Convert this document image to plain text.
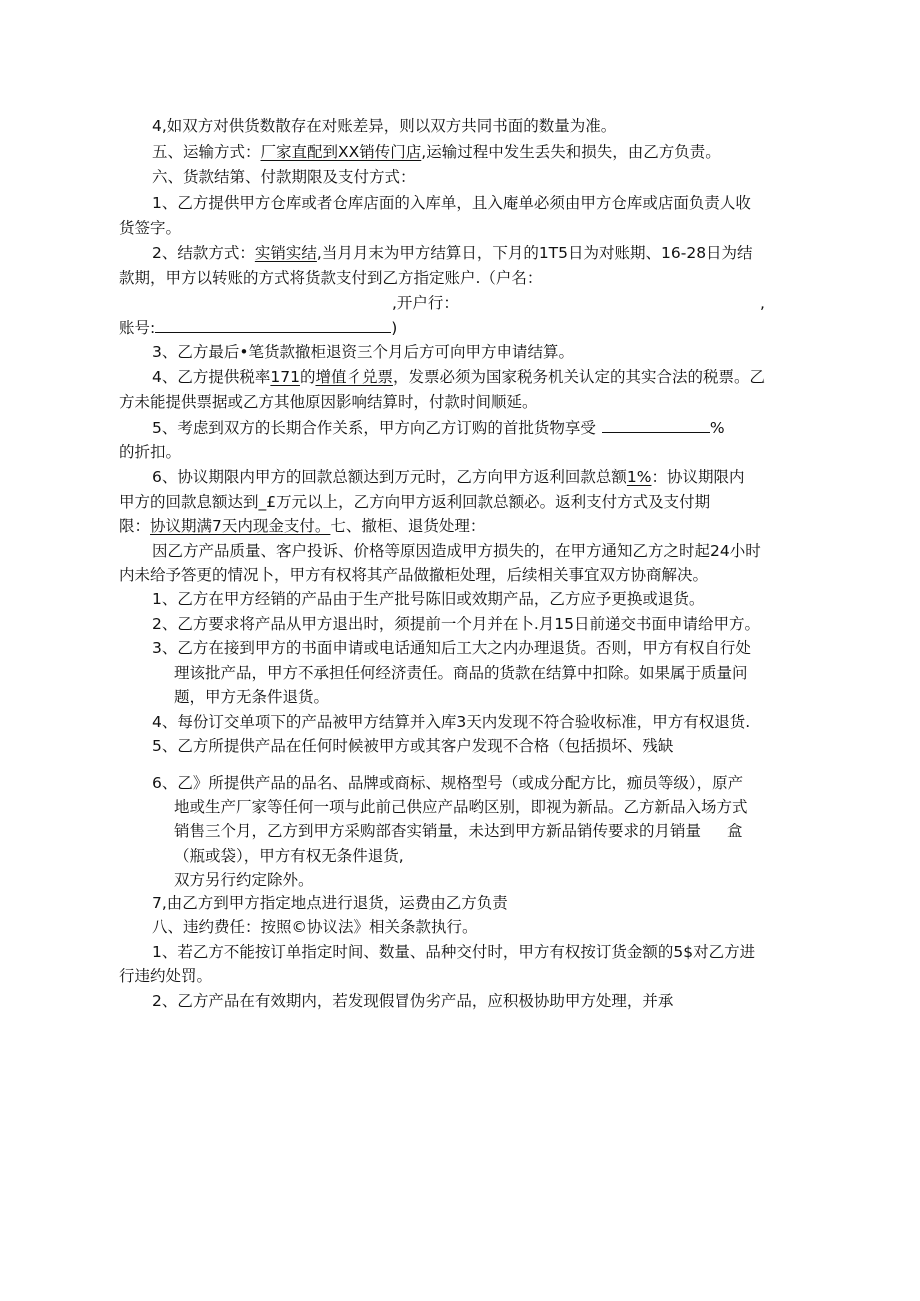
4,如双方对供货数散存在对账差异，则以双方共同书面的数量为准。
五、运输方式：厂家直配到XX销传门店,运输过程中发生丢失和损失，由乙方负责。
六、货款结第、付款期限及支付方式：
1、乙方提供甲方仓库或者仓库店面的入库单，且入庵单必须由甲方仓库或店面负责人收
货签字。
2、结款方式：实销实结,当月月末为甲方结算日，下月的1T5日为对账期、16-28日为结
款期，甲方以转账的方式将货款支付到乙方指定账户.（户名：
,开户行：	,
账号:	)
3、乙方最后•笔货款撤柜退资三个月后方可向甲方申请结算。
4、乙方提供税率171的增值彳兑票，发票必须为国家税务机关认定的其实合法的税票。乙
方未能提供票据或乙方其他原因影响结算时，付款时间顺延。
5、考虑到双方的长期合作关系，甲方向乙方订购的首批货物享受	%
的折扣。
6、协议期限内甲方的回款总额达到万元时，乙方向甲方返利回款总额1%：协议期限内
甲方的回款息额达到_£万元以上，乙方向甲方返利回款总额必。返利支付方式及支付期
限：协议期满7天内现金支付。七、撤柜、退货处理：
因乙方产品质量、客户投诉、价格等原因造成甲方损失的，在甲方通知乙方之时起24小时
内未给予答更的情况卜，甲方有权将其产品做撤柜处理，后续相关事宜双方协商解决。
1、乙方在甲方经销的产品由于生产批号陈旧或效期产品，乙方应予更换或退货。
2、乙方要求将产品从甲方退出时，须提前一个月并在卜.月15日前递交书面申请给甲方。
3、乙方在接到甲方的书面申请或电话通知后工大之内办理退货。否则，甲方有权自行处
理该批产品，甲方不承担任何经济责任。商品的货款在结算中扣除。如果属于质量问
题，甲方无条件退货。
4、每份订交单项下的产品被甲方结算并入库3天内发现不符合验收标准，甲方有权退货.
5、乙方所提供产品在任何时候被甲方或其客户发现不合格（包括损坏、残缺
6、乙》所提供产品的品名、品牌或商标、规格型号（或成分配方比，痂员等级），原产
地或生产厂家等任何一项与此前己供应产品哟区别，即视为新品。乙方新品入场方式
销售三个月，乙方到甲方采购部杳实销量，未达到甲方新品销传要求的月销量 盒
（瓶或袋），甲方有权无条件退货,
双方另行约定除外。
7,由乙方到甲方指定地点进行退货，运费由乙方负责
八、违约费任：按照©协议法》相关条款执行。
1、若乙方不能按订单指定时间、数量、品种交付时，甲方有权按订货金额的5$对乙方进
行违约处罚。
2、乙方产品在有效期内，若发现假冒伪劣产品，应积极协助甲方处理，并承
